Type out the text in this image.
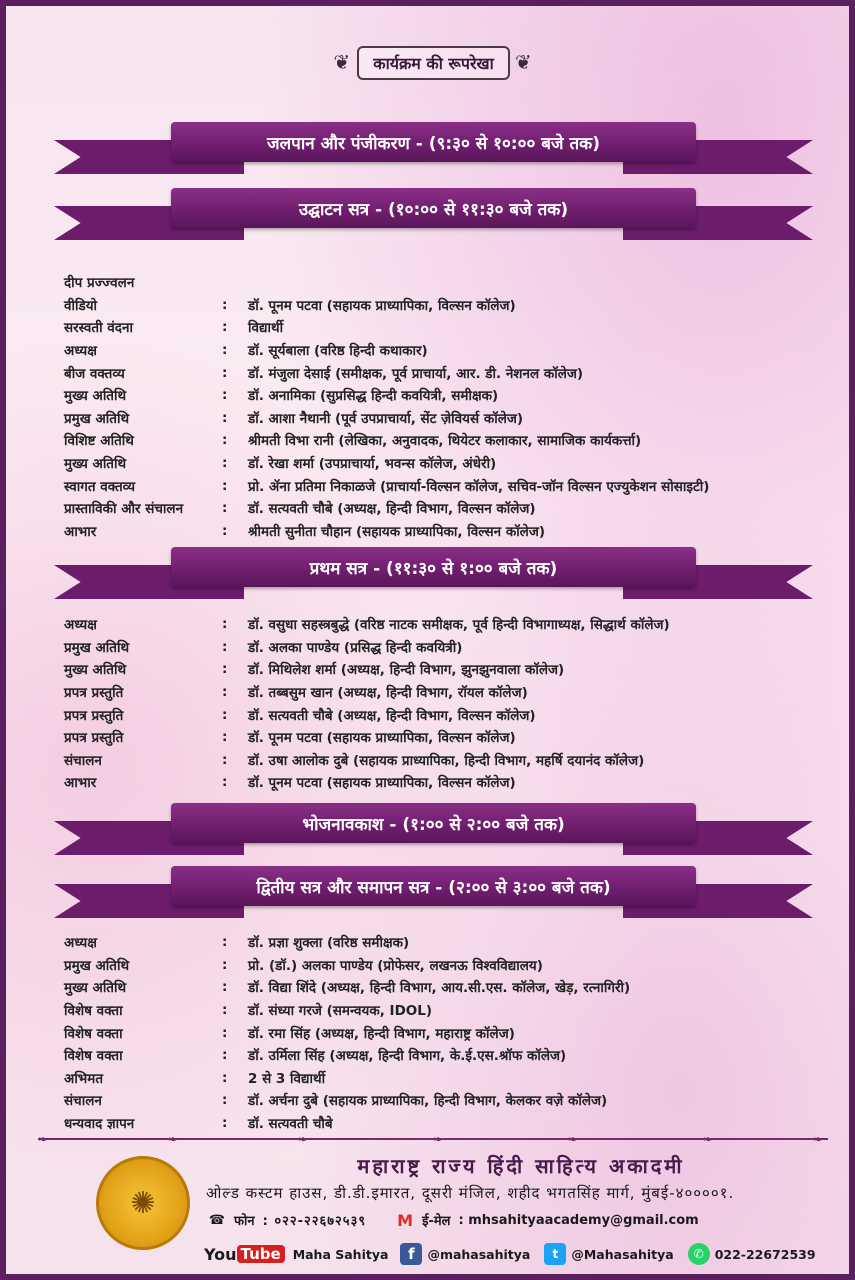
❦ कार्यक्रम की रूपरेखा ❦
जलपान और पंजीकरण - (९:३० से १०:०० बजे तक)
उद्घाटन सत्र - (१०:०० से ११:३० बजे तक)
दीप प्रज्ज्वलन
वीडियो	:	डॉ. पूनम पटवा (सहायक प्राध्यापिका, विल्सन कॉलेज)
सरस्वती वंदना	:	विद्यार्थी
अध्यक्ष	:	डॉ. सूर्यबाला (वरिष्ठ हिन्दी कथाकार)
बीज वक्तव्य	:	डॉ. मंजुला देसाई (समीक्षक, पूर्व प्राचार्या, आर. डी. नेशनल कॉलेज)
मुख्य अतिथि	:	डॉ. अनामिका (सुप्रसिद्ध हिन्दी कवयित्री, समीक्षक)
प्रमुख अतिथि	:	डॉ. आशा नैथानी (पूर्व उपप्राचार्या, सेंट ज़ेवियर्स कॉलेज)
विशिष्ट अतिथि	:	श्रीमती विभा रानी (लेखिका, अनुवादक, थियेटर कलाकार, सामाजिक कार्यकर्त्ता)
मुख्य अतिथि	:	डॉ. रेखा शर्मा (उपप्राचार्या, भवन्स कॉलेज, अंधेरी)
स्वागत वक्तव्य	:	प्रो. ॲना प्रतिमा निकाळजे (प्राचार्या-विल्सन कॉलेज, सचिव-जॉन विल्सन एज्युकेशन सोसाइटी)
प्रास्ताविकी और संचालन	:	डॉ. सत्यवती चौबे (अध्यक्ष, हिन्दी विभाग, विल्सन कॉलेज)
आभार	:	श्रीमती सुनीता चौहान (सहायक प्राध्यापिका, विल्सन कॉलेज)
प्रथम सत्र - (११:३० से १:०० बजे तक)
अध्यक्ष	:	डॉ. वसुधा सहस्त्रबुद्धे (वरिष्ठ नाटक समीक्षक, पूर्व हिन्दी विभागाध्यक्ष, सिद्धार्थ कॉलेज)
प्रमुख अतिथि	:	डॉ. अलका पाण्डेय (प्रसिद्ध हिन्दी कवयित्री)
मुख्य अतिथि	:	डॉ. मिथिलेश शर्मा (अध्यक्ष, हिन्दी विभाग, झुनझुनवाला कॉलेज)
प्रपत्र प्रस्तुति	:	डॉ. तब्बसुम खान (अध्यक्ष, हिन्दी विभाग, रॉयल कॉलेज)
प्रपत्र प्रस्तुति	:	डॉ. सत्यवती चौबे (अध्यक्ष, हिन्दी विभाग, विल्सन कॉलेज)
प्रपत्र प्रस्तुति	:	डॉ. पूनम पटवा (सहायक प्राध्यापिका, विल्सन कॉलेज)
संचालन	:	डॉ. उषा आलोक दुबे (सहायक प्राध्यापिका, हिन्दी विभाग, महर्षि दयानंद कॉलेज)
आभार	:	डॉ. पूनम पटवा (सहायक प्राध्यापिका, विल्सन कॉलेज)
भोजनावकाश - (१:०० से २:०० बजे तक)
द्वितीय सत्र और समापन सत्र - (२:०० से ३:०० बजे तक)
अध्यक्ष	:	डॉ. प्रज्ञा शुक्ला (वरिष्ठ समीक्षक)
प्रमुख अतिथि	:	प्रो. (डॉ.) अलका पाण्डेय (प्रोफेसर, लखनऊ विश्वविद्यालय)
मुख्य अतिथि	:	डॉ. विद्या शिंदे (अध्यक्ष, हिन्दी विभाग, आय.सी.एस. कॉलेज, खेड़, रत्नागिरी)
विशेष वक्ता	:	डॉ. संध्या गरजे (समन्वयक, IDOL)
विशेष वक्ता	:	डॉ. रमा सिंह (अध्यक्ष, हिन्दी विभाग, महाराष्ट्र कॉलेज)
विशेष वक्ता	:	डॉ. उर्मिला सिंह (अध्यक्ष, हिन्दी विभाग, के.ई.एस.श्रॉफ कॉलेज)
अभिमत	:	2 से 3 विद्यार्थी
संचालन	:	डॉ. अर्चना दुबे (सहायक प्राध्यापिका, हिन्दी विभाग, केलकर वज़े कॉलेज)
धन्यवाद ज्ञापन	:	डॉ. सत्यवती चौबे
❧	❧	❧	❧	❧	❧	❧
✺
महाराष्ट्र राज्य हिंदी साहित्य अकादमी
ओल्ड कस्टम हाउस, डी.डी.इमारत, दूसरी मंजिल, शहीद भगतसिंह मार्ग, मुंबई-४००००१.
☎ फोन : ०२२-२२६७२५३९ M ई-मेल : mhsahityaacademy@gmail.com
You Tube Maha Sahitya	f	@mahasahitya	t	@Mahasahitya	✆ 022-22672539
